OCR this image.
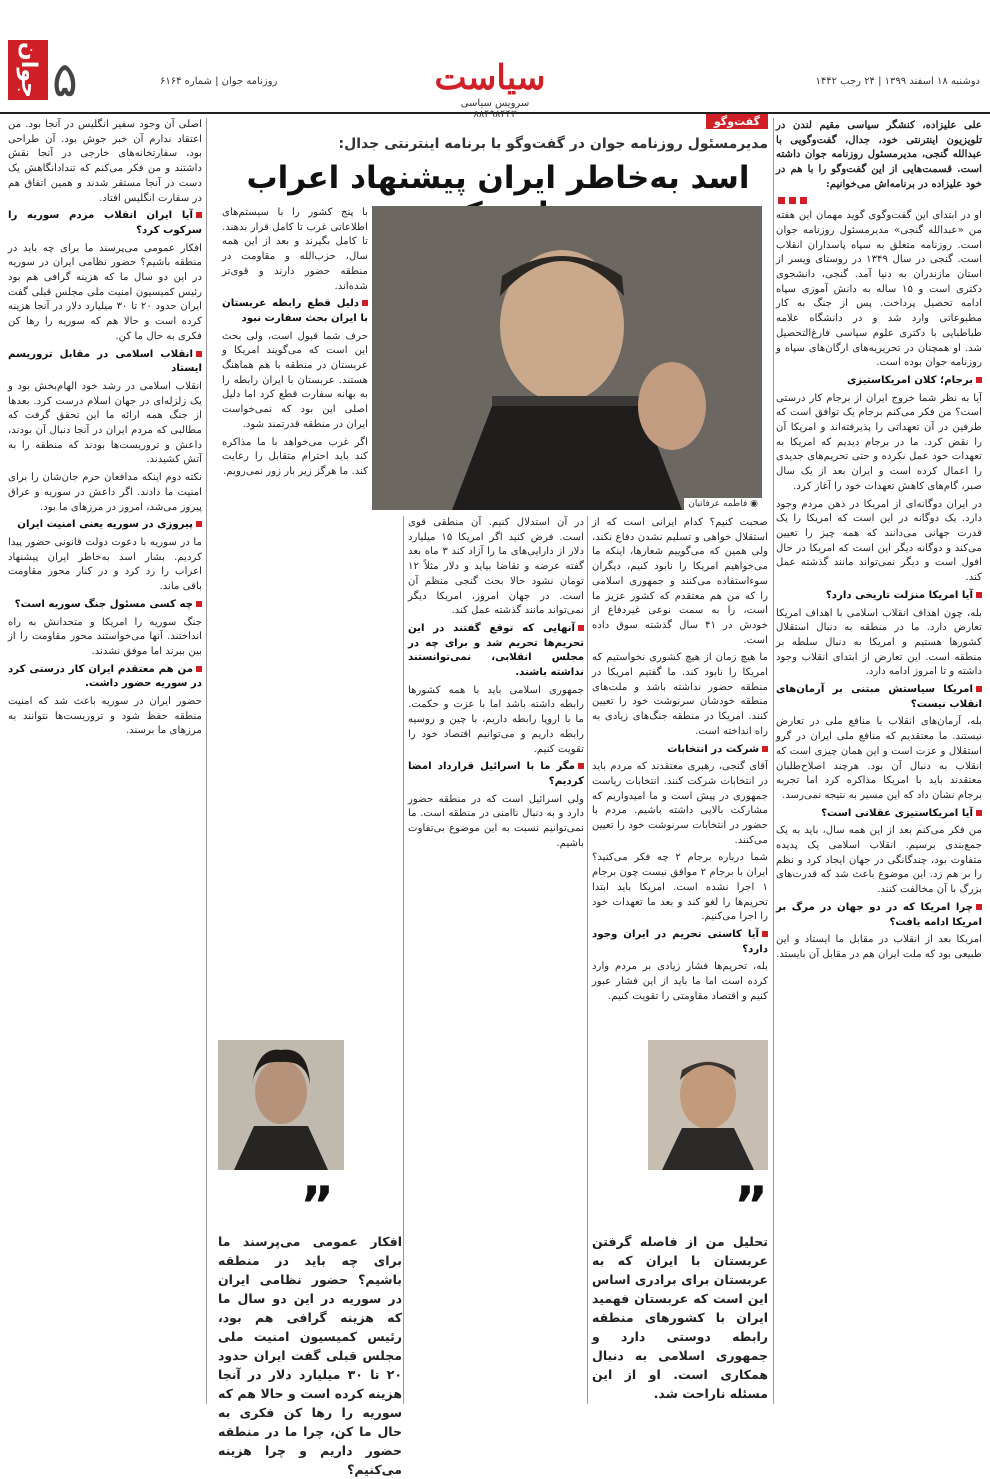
جوان ۵	روزنامه جوان | شماره ۶۱۶۴	سیاست
سرویس سیاسی ۸۸۴۹۸۴۴۳
دوشنبه ۱۸ اسفند ۱۳۹۹ | ۲۴ رجب ۱۴۴۲

علی علیزاده، کنشگر سیاسی مقیم لندن در تلویزیون اینترنتی خود، جدال، گفت‌وگویی با عبدالله گنجی، مدیرمسئول روزنامه جوان داشته است. قسمت‌هایی از این گفت‌وگو را با هم در خود علیزاده در برنامه‌اش می‌خوانیم:

او در ابتدای این گفت‌وگوی گوید مهمان این هفته من «عبدالله گنجی» مدیرمسئول روزنامه جوان است. روزنامه متعلق به سپاه پاسداران انقلاب است. گنجی در سال ۱۳۴۹ در روستای ویسر از استان مازندران به دنیا آمد. گنجی، دانشجوی دکتری است و ۱۵ ساله به دانش آموزی سپاه ادامه تحصیل پرداخت. پس از جنگ به کار مطبوعاتی وارد شد و در دانشگاه علامه طباطبایی با دکتری علوم سیاسی فارغ‌التحصیل شد. او همچنان در تحریریه‌های ارگان‌های سپاه و روزنامه جوان بوده است.

برجام؛ کلان امریکاستیزی

آیا به نظر شما خروج ایران از برجام کار درستی است؟ من فکر می‌کنم برجام یک توافق است که طرفین در آن تعهداتی را پذیرفته‌اند و امریکا آن را نقض کرد. ما در برجام دیدیم که امریکا به تعهدات خود عمل نکرده و حتی تحریم‌های جدیدی را اعمال کرده است و ایران بعد از یک سال صبر، گام‌های کاهش تعهدات خود را آغاز کرد.

در ایران دوگانه‌ای از امریکا در ذهن مردم وجود دارد. یک دوگانه در این است که امریکا را یک قدرت جهانی می‌دانند که همه چیز را تعیین می‌کند و دوگانه دیگر این است که امریکا در حال افول است و دیگر نمی‌تواند مانند گذشته عمل کند.

آیا امریکا منزلت تاریخی دارد؟

بله، چون اهداف انقلاب اسلامی با اهداف امریکا تعارض دارد. ما در منطقه به دنبال استقلال کشورها هستیم و امریکا به دنبال سلطه بر منطقه است. این تعارض از ابتدای انقلاب وجود داشته و تا امروز ادامه دارد.

امریکا سیاستش مبتنی بر آرمان‌های انقلاب نیست؟

بله، آرمان‌های انقلاب با منافع ملی در تعارض نیستند. ما معتقدیم که منافع ملی ایران در گرو استقلال و عزت است و این همان چیزی است که انقلاب به دنبال آن بود. هرچند اصلاح‌طلبان معتقدند باید با امریکا مذاکره کرد اما تجربه برجام نشان داد که این مسیر به نتیجه نمی‌رسد.

آیا امریکاستیزی عقلانی است؟

من فکر می‌کنم بعد از این همه سال، باید به یک جمع‌بندی برسیم. انقلاب اسلامی یک پدیده متفاوت بود، چندگانگی در جهان ایجاد کرد و نظم را بر هم زد. این موضوع باعث شد که قدرت‌های بزرگ با آن مخالفت کنند.

چرا امریکا که در دو جهان در مرگ بر امریکا ادامه یافت؟

امریکا بعد از انقلاب در مقابل ما ایستاد و این طبیعی بود که ملت ایران هم در مقابل آن بایستد.

گفت‌وگو
مدیرمسئول روزنامه جوان در گفت‌وگو با برنامه اینترنتی جدال:
اسد به‌خاطر ایران پیشنهاد اعراب
◉ فاطمه عرفانیان

با پنج کشور را با سیستم‌های اطلاعاتی غرب تا کامل قرار بدهند. تا کامل بگیرند و بعد از این همه سال، حزب‌الله و مقاومت در منطقه حضور دارند و قوی‌تر شده‌اند.

دلیل قطع رابطه عربستان با ایران بحث سفارت نبود

حرف شما قبول است، ولی بحث این است که می‌گویند امریکا و عربستان در منطقه با هم هماهنگ هستند. عربستان با ایران رابطه را به بهانه سفارت قطع کرد اما دلیل اصلی این بود که نمی‌خواست ایران در منطقه قدرتمند شود.

اگر غرب می‌خواهد با ما مذاکره کند باید احترام متقابل را رعایت کند. ما هرگز زیر بار زور نمی‌رویم.

صحبت کنیم؟ کدام ایرانی است که از استقلال خواهی و تسلیم نشدن دفاع نکند، ولی همین که می‌گوییم شعارها، اینکه ما می‌خواهیم امریکا را نابود کنیم، دیگران سوءاستفاده می‌کنند و جمهوری اسلامی را که من هم معتقدم که کشور عزیز ما است، را به سمت نوعی غیردفاع از خودش در ۴۱ سال گذشته سوق داده است.

ما هیچ زمان از هیچ کشوری نخواستیم که امریکا را نابود کند. ما گفتیم امریکا در منطقه حضور نداشته باشد و ملت‌های منطقه خودشان سرنوشت خود را تعیین کنند. امریکا در منطقه جنگ‌های زیادی به راه انداخته است.

شرکت در انتخابات

آقای گنجی، رهبری معتقدند که مردم باید در انتخابات شرکت کنند. انتخابات ریاست جمهوری در پیش است و ما امیدواریم که مشارکت بالایی داشته باشیم. مردم با حضور در انتخابات سرنوشت خود را تعیین می‌کنند.

شما درباره برجام ۲ چه فکر می‌کنید؟ ایران با برجام ۲ موافق نیست چون برجام ۱ اجرا نشده است. امریکا باید ابتدا تحریم‌ها را لغو کند و بعد ما تعهدات خود را اجرا می‌کنیم.

آیا کاستی تحریم در ایران وجود دارد؟

بله، تحریم‌ها فشار زیادی بر مردم وارد کرده است اما ما باید از این فشار عبور کنیم و اقتصاد مقاومتی را تقویت کنیم.

در آن استدلال کنیم. آن منطقی قوی است. فرض کنید اگر امریکا ۱۵ میلیارد دلار از دارایی‌های ما را آزاد کند ۳ ماه بعد گفته عرضه و تقاضا بیاید و دلار مثلاً ۱۲ تومان نشود حالا بحث گنجی منظم آن است. در جهان امروز، امریکا دیگر نمی‌تواند مانند گذشته عمل کند.

آنهایی که توقع گفتند در این تحریم‌ها تحریم شد و برای چه در مجلس انقلابی، نمی‌توانستند نداشته باشند.

جمهوری اسلامی باید با همه کشورها رابطه داشته باشد اما با عزت و حکمت. ما با اروپا رابطه داریم، با چین و روسیه رابطه داریم و می‌توانیم اقتصاد خود را تقویت کنیم.

مگر ما با اسرائیل قرارداد امضا کردیم؟

ولی اسرائیل است که در منطقه حضور دارد و به دنبال ناامنی در منطقه است. ما نمی‌توانیم نسبت به این موضوع بی‌تفاوت باشیم.

”
تحلیل من از فاصله گرفتن عربستان با ایران که به عربستان برای برادری اساس این است که عربستان فهمید ایران با کشورهای منطقه رابطه دوستی دارد و جمهوری اسلامی به دنبال همکاری است. او از این مسئله ناراحت شد.
”
افکار عمومی می‌پرسند ما برای چه باید در منطقه باشیم؟ حضور نظامی ایران در سوریه در این دو سال ما که هزینه گرافی هم بود، رئیس کمیسیون امنیت ملی مجلس قبلی گفت ایران حدود ۲۰ تا ۳۰ میلیارد دلار در آنجا هزینه کرده است و حالا هم که سوریه را رها کن فکری به حال ما کن، چرا ما در منطقه حضور داریم و چرا هزینه می‌کنیم؟

اصلی آن وجود سفیر انگلیس در آنجا بود. من اعتقاد ندارم آن خبر جوش بود. آن طراحی بود، سفارتخانه‌های خارجی در آنجا نقش داشتند و من فکر می‌کنم که تندادانگاهش یک دست در آنجا مستقر شدند و همین اتفاق هم در سفارت انگلیس افتاد.

آیا ایران انقلاب مردم سوریه را سرکوب کرد؟

افکار عمومی می‌پرسند ما برای چه باید در منطقه باشیم؟ حضور نظامی ایران در سوریه در این دو سال ما که هزینه گرافی هم بود رئیس کمیسیون امنیت ملی مجلس قبلی گفت ایران حدود ۲۰ تا ۳۰ میلیارد دلار در آنجا هزینه کرده است و حالا هم که سوریه را رها کن فکری به حال ما کن.

انقلاب اسلامی در مقابل تروریسم ایستاد

انقلاب اسلامی در رشد خود الهام‌بخش بود و یک زلزله‌ای در جهان اسلام درست کرد. بعدها از جنگ همه ارائه ما این تحقق گرفت که مطالبی که مردم ایران در آنجا دنبال آن بودند، داعش و تروریست‌ها بودند که منطقه را به آتش کشیدند.

نکته دوم اینکه مدافعان حرم جان‌شان را برای امنیت ما دادند. اگر داعش در سوریه و عراق پیروز می‌شد، امروز در مرزهای ما بود.

پیروزی در سوریه یعنی امنیت ایران

ما در سوریه با دعوت دولت قانونی حضور پیدا کردیم. بشار اسد به‌خاطر ایران پیشنهاد اعراب را رد کرد و در کنار محور مقاومت باقی ماند.

چه کسی مسئول جنگ سوریه است؟

جنگ سوریه را امریکا و متحدانش به راه انداختند. آنها می‌خواستند محور مقاومت را از بین ببرند اما موفق نشدند.

من هم معتقدم ایران کار درستی کرد در سوریه حضور داشت.

حضور ایران در سوریه باعث شد که امنیت منطقه حفظ شود و تروریست‌ها نتوانند به مرزهای ما برسند.
